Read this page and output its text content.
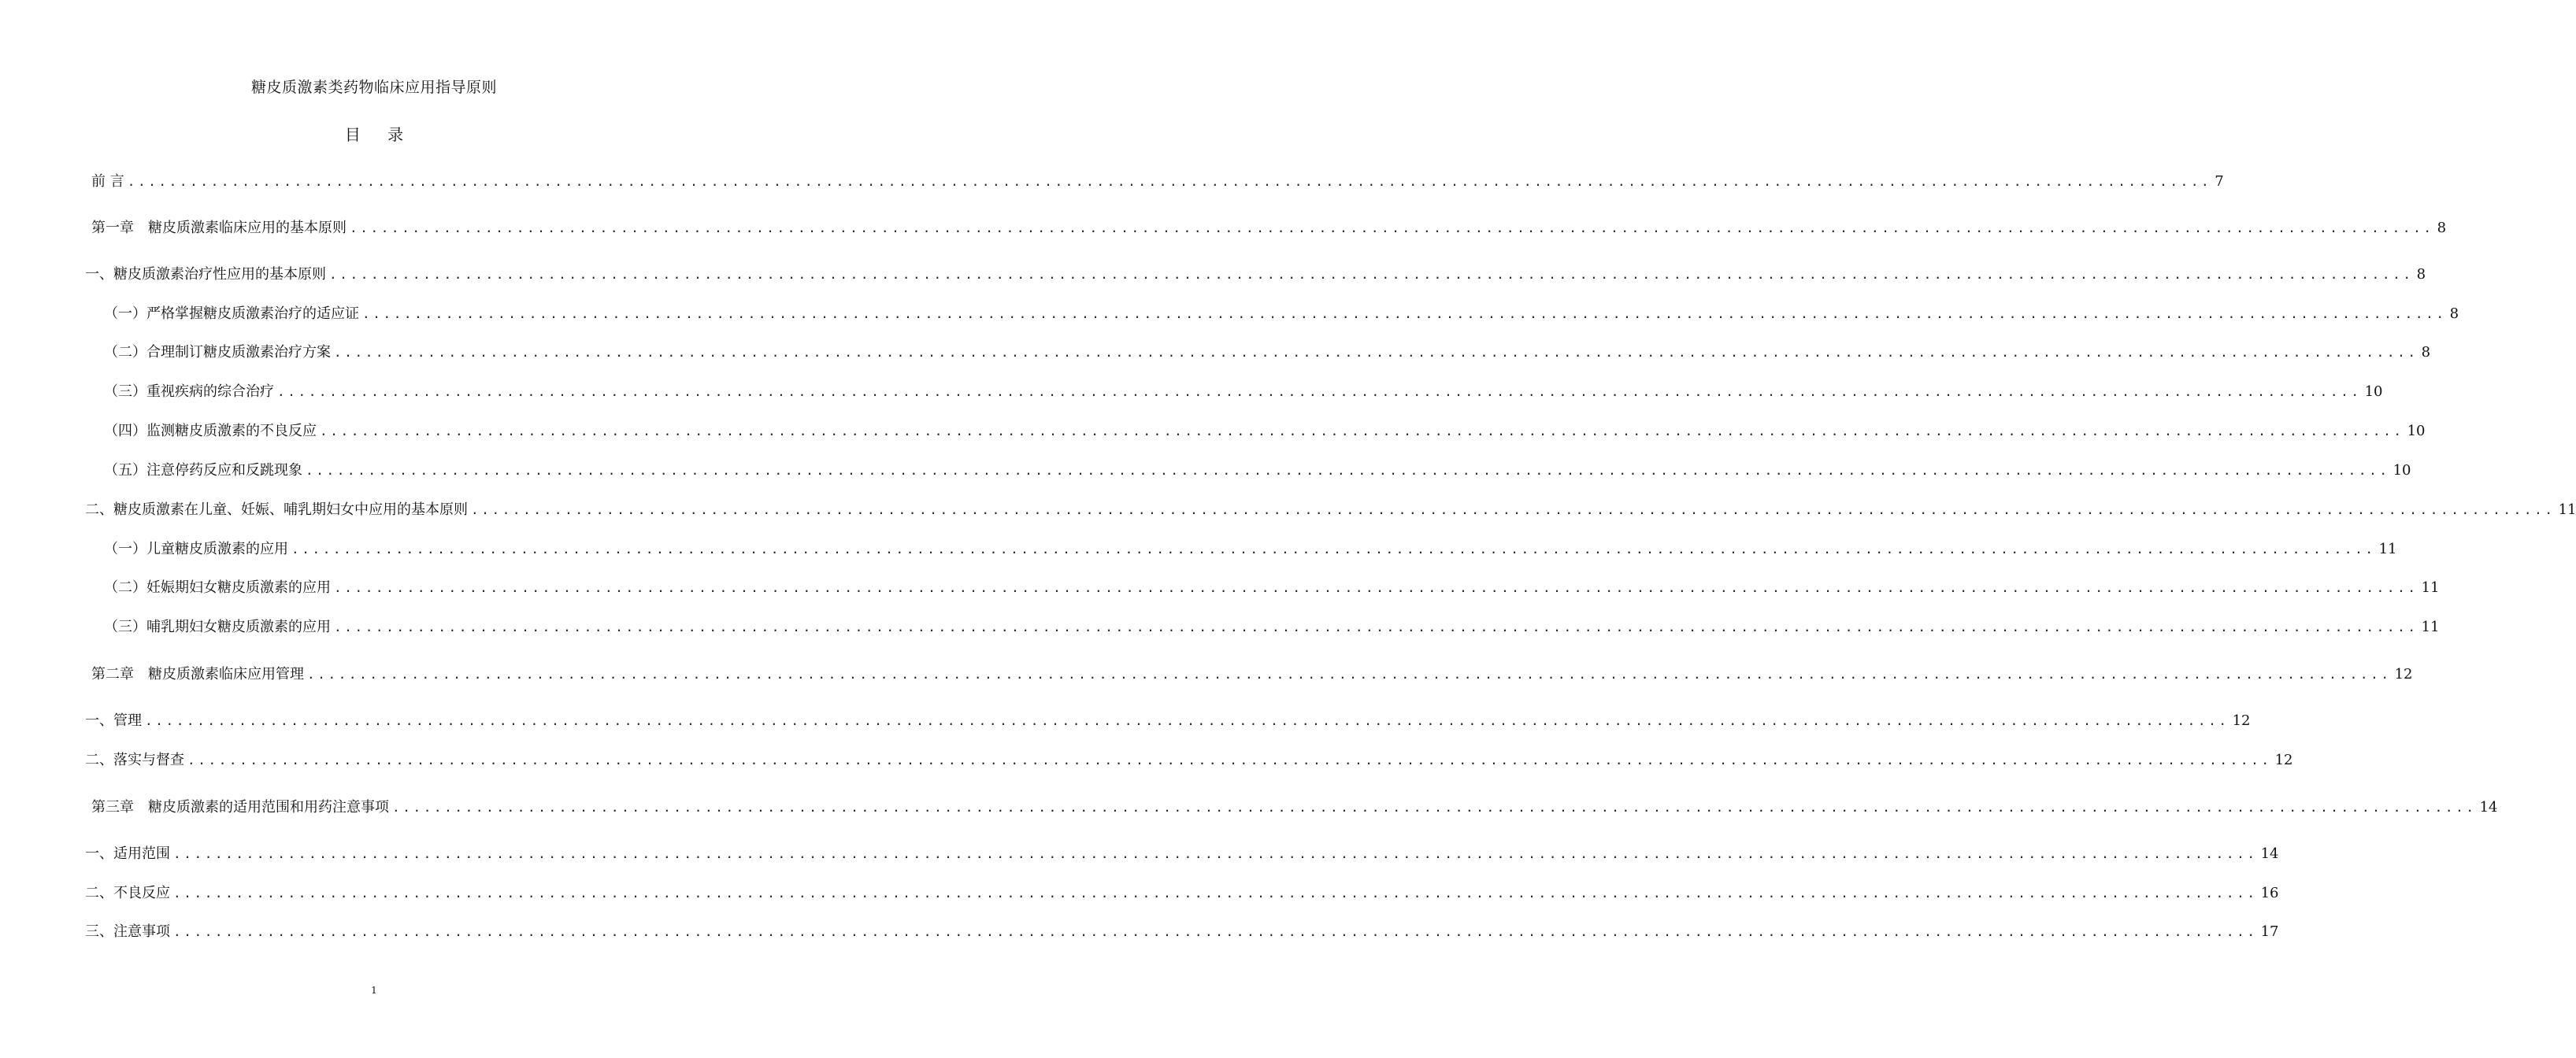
糖皮质激素类药物临床应用指导原则
目 录
前 言 ........................................................................................................................................................................................................ 7
第一章　糖皮质激素临床应用的基本原则 ........................................................................................................................................................................................................ 8
一、糖皮质激素治疗性应用的基本原则 ........................................................................................................................................................................................................ 8
（一）严格掌握糖皮质激素治疗的适应证 ........................................................................................................................................................................................................ 8
（二）合理制订糖皮质激素治疗方案 ........................................................................................................................................................................................................ 8
（三）重视疾病的综合治疗 ........................................................................................................................................................................................................ 10
（四）监测糖皮质激素的不良反应 ........................................................................................................................................................................................................ 10
（五）注意停药反应和反跳现象 ........................................................................................................................................................................................................ 10
二、糖皮质激素在儿童、妊娠、哺乳期妇女中应用的基本原则 ........................................................................................................................................................................................................ 11
（一）儿童糖皮质激素的应用 ........................................................................................................................................................................................................ 11
（二）妊娠期妇女糖皮质激素的应用 ........................................................................................................................................................................................................ 11
（三）哺乳期妇女糖皮质激素的应用 ........................................................................................................................................................................................................ 11
第二章　糖皮质激素临床应用管理 ........................................................................................................................................................................................................ 12
一、管理 ........................................................................................................................................................................................................ 12
二、落实与督查 ........................................................................................................................................................................................................ 12
第三章　糖皮质激素的适用范围和用药注意事项 ........................................................................................................................................................................................................ 14
一、适用范围 ........................................................................................................................................................................................................ 14
二、不良反应 ........................................................................................................................................................................................................ 16
三、注意事项 ........................................................................................................................................................................................................ 17
1
